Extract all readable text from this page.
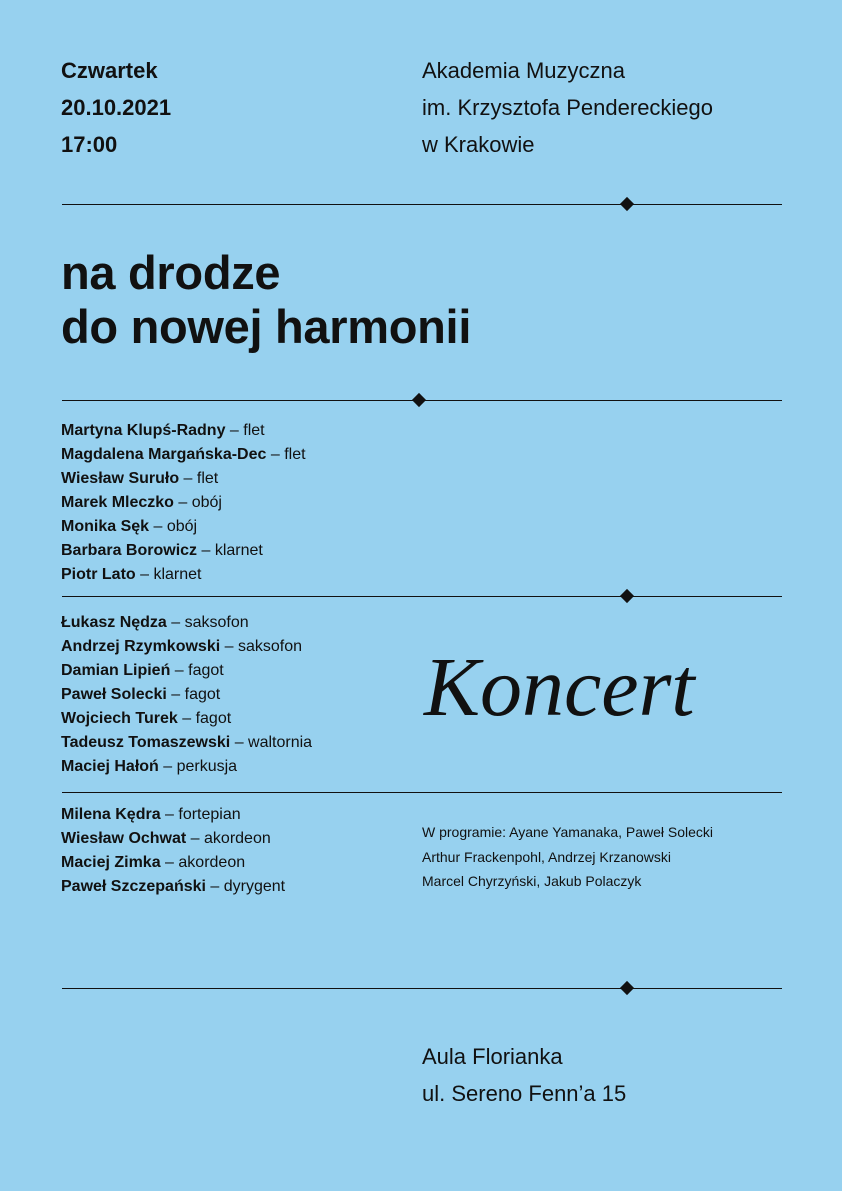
Czwartek
20.10.2021
17:00
Akademia Muzyczna
im. Krzysztofa Pendereckiego
w Krakowie
na drodze
do nowej harmonii
Martyna Klupś-Radny – flet
Magdalena Margańska-Dec – flet
Wiesław Suruło – flet
Marek Mleczko – obój
Monika Sęk – obój
Barbara Borowicz – klarnet
Piotr Lato – klarnet
Łukasz Nędza – saksofon
Andrzej Rzymkowski – saksofon
Damian Lipień – fagot
Paweł Solecki – fagot
Wojciech Turek – fagot
Tadeusz Tomaszewski – waltornia
Maciej Hałoń – perkusja
Koncert
Milena Kędra – fortepian
Wiesław Ochwat – akordeon
Maciej Zimka – akordeon
Paweł Szczepański – dyrygent
W programie: Ayane Yamanaka, Paweł Solecki
Arthur Frackenpohl, Andrzej Krzanowski
Marcel Chyrzyński, Jakub Polaczyk
Aula Florianka
ul. Sereno Fenn’a 15
